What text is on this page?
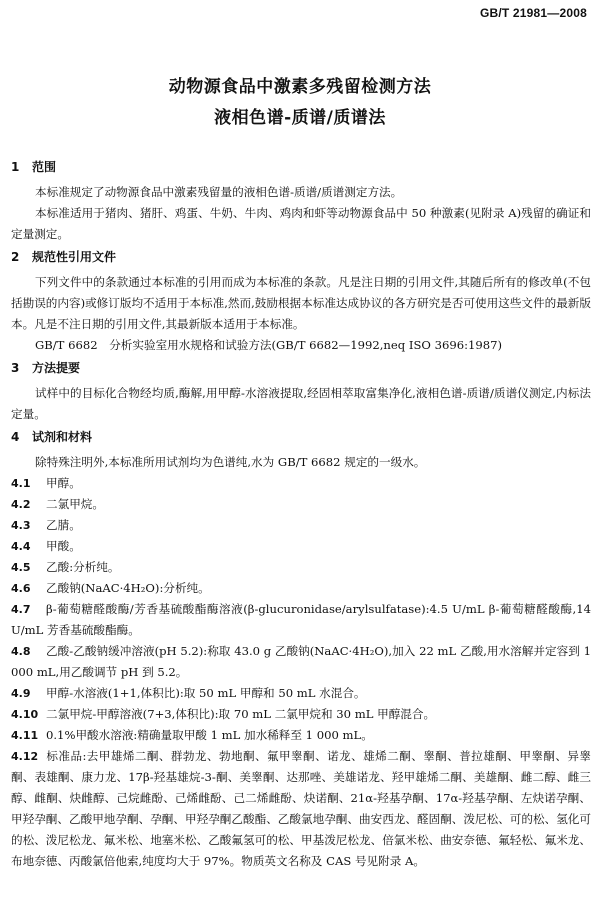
GB/T 21981—2008
动物源食品中激素多残留检测方法
液相色谱-质谱/质谱法
1 范围

本标准规定了动物源食品中激素残留量的液相色谱-质谱/质谱测定方法。

本标准适用于猪肉、猪肝、鸡蛋、牛奶、牛肉、鸡肉和虾等动物源食品中 50 种激素(见附录 A)残留的确证和定量测定。

2 规范性引用文件

下列文件中的条款通过本标准的引用而成为本标准的条款。凡是注日期的引用文件,其随后所有的修改单(不包括勘误的内容)或修订版均不适用于本标准,然而,鼓励根据本标准达成协议的各方研究是否可使用这些文件的最新版本。凡是不注日期的引用文件,其最新版本适用于本标准。

GB/T 6682　分析实验室用水规格和试验方法(GB/T 6682—1992,neq ISO 3696:1987)

3 方法提要

试样中的目标化合物经均质,酶解,用甲醇-水溶液提取,经固相萃取富集净化,液相色谱-质谱/质谱仪测定,内标法定量。

4 试剂和材料

除特殊注明外,本标准所用试剂均为色谱纯,水为 GB/T 6682 规定的一级水。

4.1 甲醇。

4.2 二氯甲烷。

4.3 乙腈。

4.4 甲酸。

4.5 乙酸:分析纯。

4.6 乙酸钠(NaAC·4H₂O):分析纯。

4.7 β-葡萄糖醛酸酶/芳香基硫酸酯酶溶液(β-glucuronidase/arylsulfatase):4.5 U/mL β-葡萄糖醛酸酶,14 U/mL 芳香基硫酸酯酶。

4.8 乙酸-乙酸钠缓冲溶液(pH 5.2):称取 43.0 g 乙酸钠(NaAC·4H₂O),加入 22 mL 乙酸,用水溶解并定容到 1 000 mL,用乙酸调节 pH 到 5.2。

4.9 甲醇-水溶液(1+1,体积比):取 50 mL 甲醇和 50 mL 水混合。

4.10 二氯甲烷-甲醇溶液(7+3,体积比):取 70 mL 二氯甲烷和 30 mL 甲醇混合。

4.11 0.1%甲酸水溶液:精确量取甲酸 1 mL 加水稀释至 1 000 mL。

4.12 标准品:去甲雄烯二酮、群勃龙、勃地酮、氟甲睾酮、诺龙、雄烯二酮、睾酮、普拉雄酮、甲睾酮、异睾酮、表雄酮、康力龙、17β-羟基雄烷-3-酮、美睾酮、达那唑、美雄诺龙、羟甲雄烯二酮、美雄酮、雌二醇、雌三醇、雌酮、炔雌醇、己烷雌酚、己烯雌酚、己二烯雌酚、炔诺酮、21α-羟基孕酮、17α-羟基孕酮、左炔诺孕酮、甲羟孕酮、乙酸甲地孕酮、孕酮、甲羟孕酮乙酸酯、乙酸氯地孕酮、曲安西龙、醛固酮、泼尼松、可的松、氢化可的松、泼尼松龙、氟米松、地塞米松、乙酸氟氢可的松、甲基泼尼松龙、倍氯米松、曲安奈德、氟轻松、氟米龙、布地奈德、丙酸氯倍他索,纯度均大于 97%。物质英文名称及 CAS 号见附录 A。
